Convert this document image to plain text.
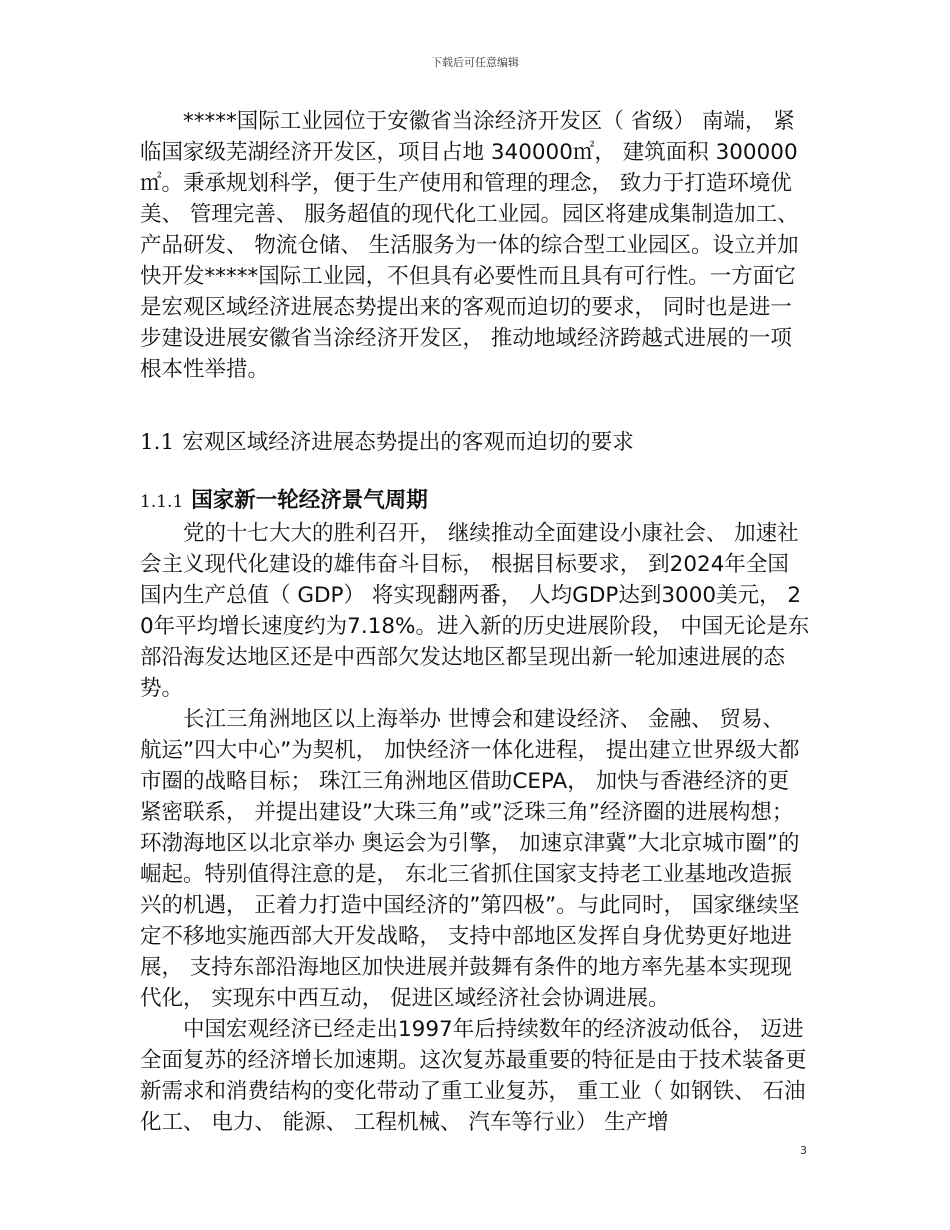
下载后可任意编辑

*****国际工业园位于安徽省当涂经济开发区（ 省级） 南端， 紧临国家级芜湖经济开发区，项目占地 340000㎡， 建筑面积 300000㎡。秉承规划科学，便于生产使用和管理的理念， 致力于打造环境优美、 管理完善、 服务超值的现代化工业园。园区将建成集制造加工、 产品研发、 物流仓储、 生活服务为一体的综合型工业园区。设立并加快开发*****国际工业园，不但具有必要性而且具有可行性。一方面它是宏观区域经济进展态势提出来的客观而迫切的要求， 同时也是进一步建设进展安徽省当涂经济开发区， 推动地域经济跨越式进展的一项根本性举措。

1.1 宏观区域经济进展态势提出的客观而迫切的要求
1.1.1 国家新一轮经济景气周期

党的十七大大的胜利召开， 继续推动全面建设小康社会、 加速社会主义现代化建设的雄伟奋斗目标， 根据目标要求， 到2024年全国国内生产总值（ GDP） 将实现翻两番， 人均GDP达到3000美元， 20年平均增长速度约为7.18%。进入新的历史进展阶段， 中国无论是东部沿海发达地区还是中西部欠发达地区都呈现出新一轮加速进展的态势。

长江三角洲地区以上海举办 世博会和建设经济、 金融、 贸易、 航运”四大中心”为契机， 加快经济一体化进程， 提出建立世界级大都市圈的战略目标； 珠江三角洲地区借助CEPA， 加快与香港经济的更紧密联系， 并提出建设”大珠三角”或”泛珠三角”经济圈的进展构想； 环渤海地区以北京举办 奥运会为引擎， 加速京津冀”大北京城市圈”的崛起。特别值得注意的是， 东北三省抓住国家支持老工业基地改造振兴的机遇， 正着力打造中国经济的”第四极”。与此同时， 国家继续坚定不移地实施西部大开发战略， 支持中部地区发挥自身优势更好地进展， 支持东部沿海地区加快进展并鼓舞有条件的地方率先基本实现现代化， 实现东中西互动， 促进区域经济社会协调进展。

中国宏观经济已经走出1997年后持续数年的经济波动低谷， 迈进全面复苏的经济增长加速期。这次复苏最重要的特征是由于技术装备更新需求和消费结构的变化带动了重工业复苏， 重工业（ 如钢铁、 石油化工、 电力、 能源、 工程机械、 汽车等行业） 生产增

3
